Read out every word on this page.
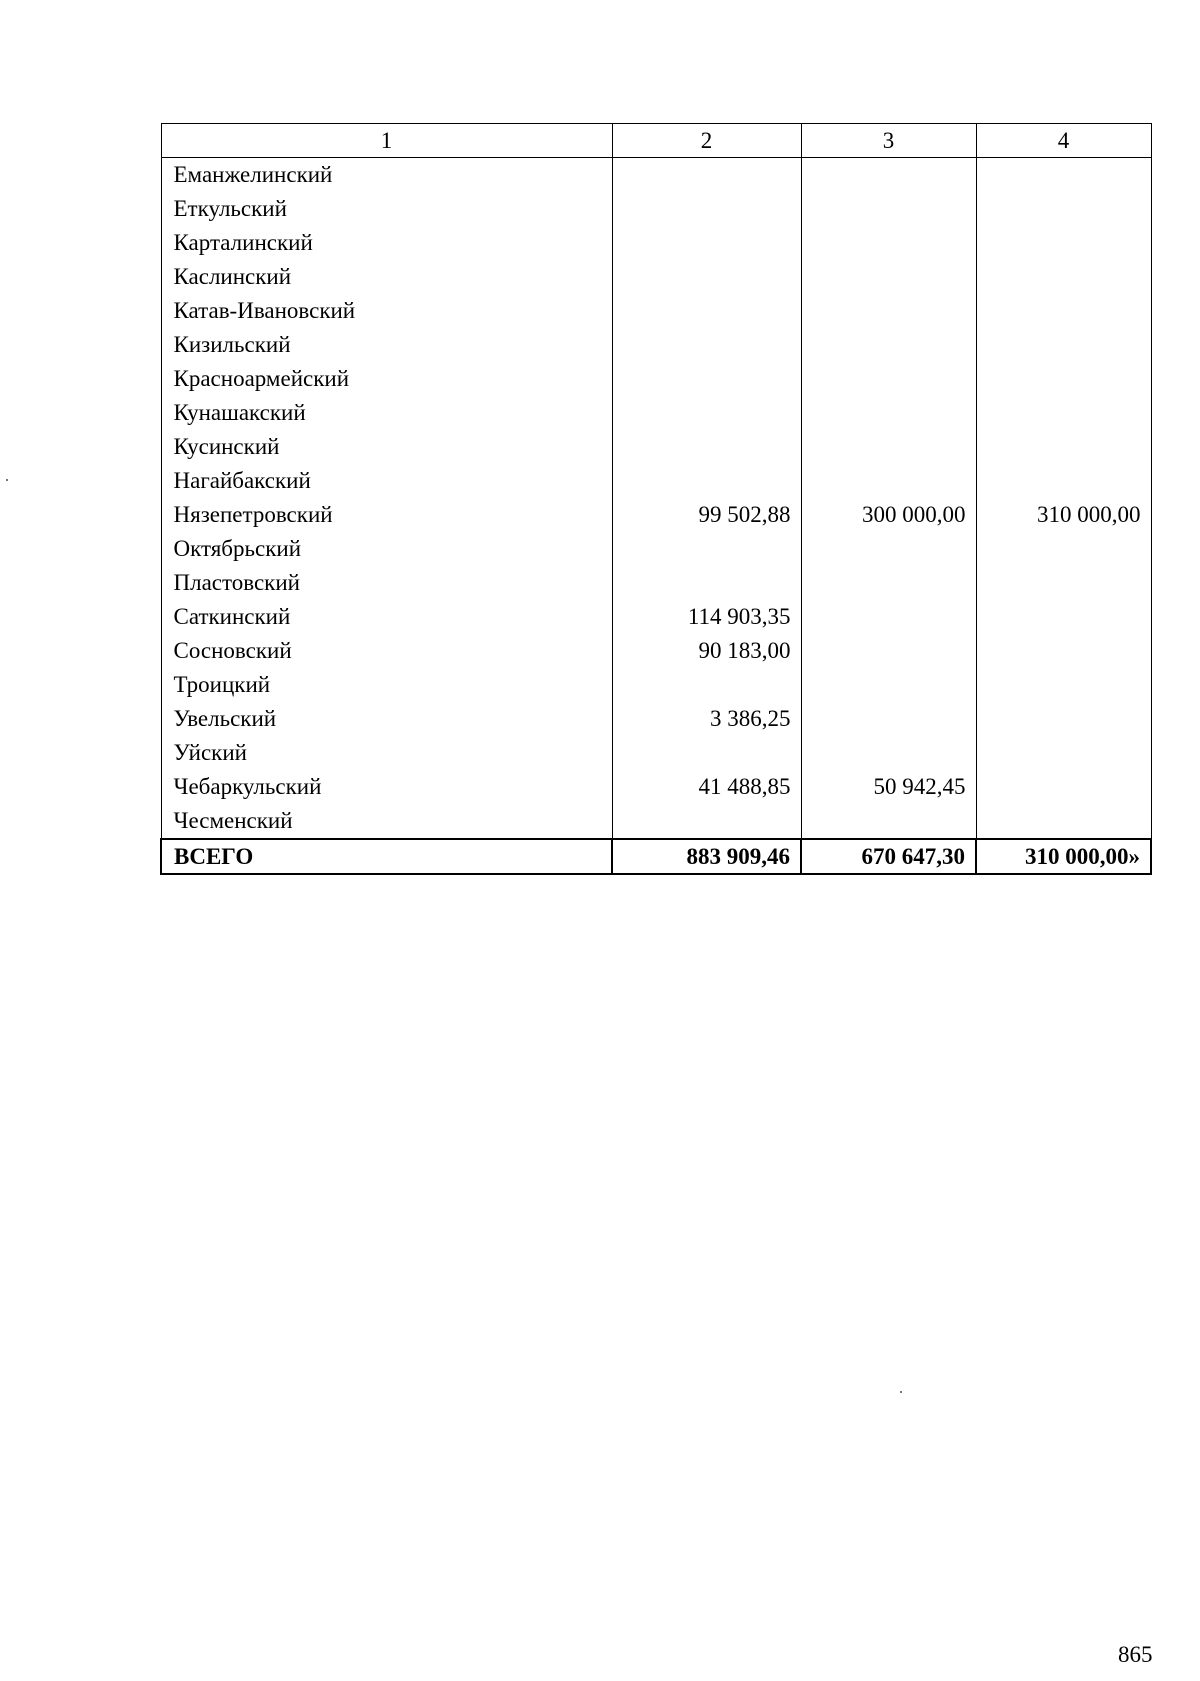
1	2	3	4
Еманжелинский			
Еткульский			
Карталинский			
Каслинский			
Катав-Ивановский			
Кизильский			
Красноармейский			
Кунашакский			
Кусинский			
Нагайбакский			
Нязепетровский	99 502,88	300 000,00	310 000,00
Октябрьский			
Пластовский			
Саткинский	114 903,35		
Сосновский	90 183,00		
Троицкий			
Увельский	3 386,25		
Уйский			
Чебаркульский	41 488,85	50 942,45	
Чесменский			
ВСЕГО	883 909,46	670 647,30	310 000,00»
865
